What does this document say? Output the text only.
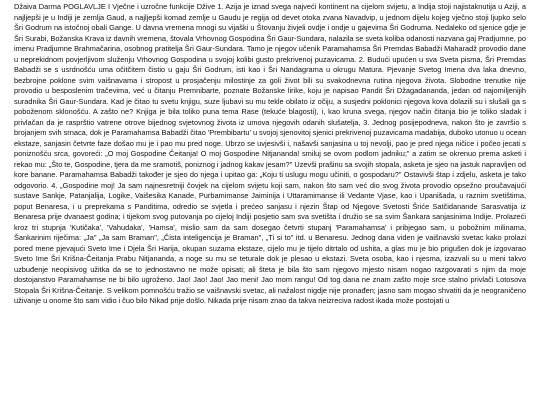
Džaiva Darma POGLAVLJE I Vječne i uzročne funkcije Džive 1. Azija je iznad svega najveći kontinent na cijelom svijetu, a Indija stoji najistaknutija u Aziji, a najljepši je u Indiji je zemlja Gaud, a najljepši komad zemlje u Gaudu je regija od devet otoka zvana Navadvip, u jednom dijelu kojeg vječno stoji ljupko selo Šri Godrum na istočnoj obali Gange. U davna vremena mnogi su vijaški u Štovanju živjeli ovdje i ondje u gajevima Šri Godruma. Nedaleko od sjenice gdje je Šri Surabi, Božanska Krava iz davnih vremena, štovala Vrhovnog Gospodina Šri Gaur-Sundara, nalazila se sveta koliba odanosti nazvana gaj Pradjumne, po imenu Pradjumne Brahmačarina, osobnog pratitelja Šri Gaur-Sundara. Tamo je njegov učenik Paramahamsa Šri Premdas Babadži Maharadž provodio dane u neprekidnom povjerljivom služenju Vrhovnog Gospodina u svojoj kolibi gusto prekrivenoj puzavicama. 2. Budući upućen u sva Sveta pisma, Šri Premdas Babadži se s usrdnošću uma očitčitem čistio u gaju Šri Godrum, isti kao i Šri Nandagrama u okrugu Matura. Pjevanje Svetog Imena dva laka dnevno, bezbrojne poklone svim vaišnavama i stropost u prosjačenju milostinje za goli život bili su svakodnevna rutina njegova života. Slobodne trenutke nije provodio u besposlenim tračevima, već u čitanju Premnibarte, poznate Božanske lirike, koju je napisao Pandit Šri Džagadananda, jedan od najomiljenijih suradnika Šri Gaur-Sundara. Kad je čitao tu svetu knjigu, suze ljubavi su mu tekle obilato iz očiju, a susjedni poklonici njegova kova dolazili su i slušali ga s poboženom sklonošću. A zašto ne? Knjiga je bila toliko puna tema Rase (tekuće blagosti), i, kao kruna svega, njegov način čitanja bio je toliko sladak i privlačan da je rasprštio vatrene otrove bijednog svjetovnog života iz umova njegovih odanih slušatelja, 3. Jednog posijepodneva, nakon što je završio s brojanjem svih srnaca, dok je Paramahamsa Babadži čitao 'Prembibartu' u svojoj sjenovitoj sjenici prekrivenoj puzavicama madabija, duboko utonuo u ocean ekstaze, sanjasin četvrte faze došao mu je i pao mu pred noge. Ubrzo se uvjesivši i, našavši sanjasina u toj nevolji, pao je pred njega ničice i počeo jecati s poniznošću srca, govoreći: „O moj Gospodine Čeitanja! O moj Gospodine Nitjananda! smiluj se ovom podlom jadniku;" a zatim se okrenuo prema asketi i rekao mu: „Što te, Gospodine, tjera da me sramotiš, poniznog i jadnog kakav jesam?" Uzevši prašinu sa svojih stopala, asketa je sjeo na jastuk napravljen od kore banane. Paramahamsa Babadži također je sjeo do njega i upitao ga: „Koju ti uslugu mogu učiniti, o gospodaru?" Ostavivši štap i zdjelu, asketa je tako odgovorio. 4. „Gospodine moj! Ja sam najnesretniji čovjek na cijelom svijetu koji sam, nakon što sam već dio svog života provodio opsežno proučavajući sustave Sankje, Patanjalija, Logike, Vaišesika Kanade, Purbamimanse Jaiminija i Uttaramimanse ili Vedante Vjase, kao i Upanišada, u raznim svetištima, poput Benaresa, i u preprekama s Panditima, odredio se svjetla i prećeo sanjasu i njezin Štap od Njegove Svetosti Šriće Satčidanande Sarasvatija iz Benaresa prije dvanaest godina; i tijekom svog putovanja po cijeloj Indiji posjetio sam sva svetišta i družio se sa svim Šankara sanjasinima Indije. Prolazeći kroz tri stupnja 'Kutičaka', 'Vahudaka', 'Hamsa', mislio sam da sam dosegao četvrti stupanj 'Paramahamsa' i pribjegao sam, u pobožnim milinama, Šankarinim riječima: „Ja" „Ja sam Braman", „Čista inteligencija je Braman", „Ti si to" itd. u Benaresu. Jednog dana viden je vaišnavski svetac kako prolazi pored mene pjevajući Sveto Ime i Djela Šri Harija, okupan suzama ekstaze, cijelo mu je tijelo ditrtalo od ushita, a glas mu je bio prigušen dok je izgovarao Sveto Ime Šri Krišna-Čeitanja Prabu Nitjananda, a noge su mu se teturale dok je plesao u ekstazi. Sveta osoba, kao i njesma, izazvali su u meni takvo uzbuđenje neopisivog užitka da se to jednostavno ne može opisati; ali šteta je bila što sam njegovo mjesto nisam nogao razgovarati s njim da moje dostojanstvo Paramahamse ne bi bilo ugroženo. Jao! Jao! Jao! Jao meni! Jao mom rangu! Od tog dana ne znam zašto moje srce stalno privlači Lotosova Stopala Šri Krišna-Čeitanje. S velikom pomnošću tražio se vaišnavski svetac, ali nažalost nigdje nije pronađen; jasno sam mogao shvatiti da je neograničeno uživanje u onome što sam vidio i čuo bilo Nikad prije došlo. Nikada prije nisam znao da takva neizreciva radost ikada može postojati u
